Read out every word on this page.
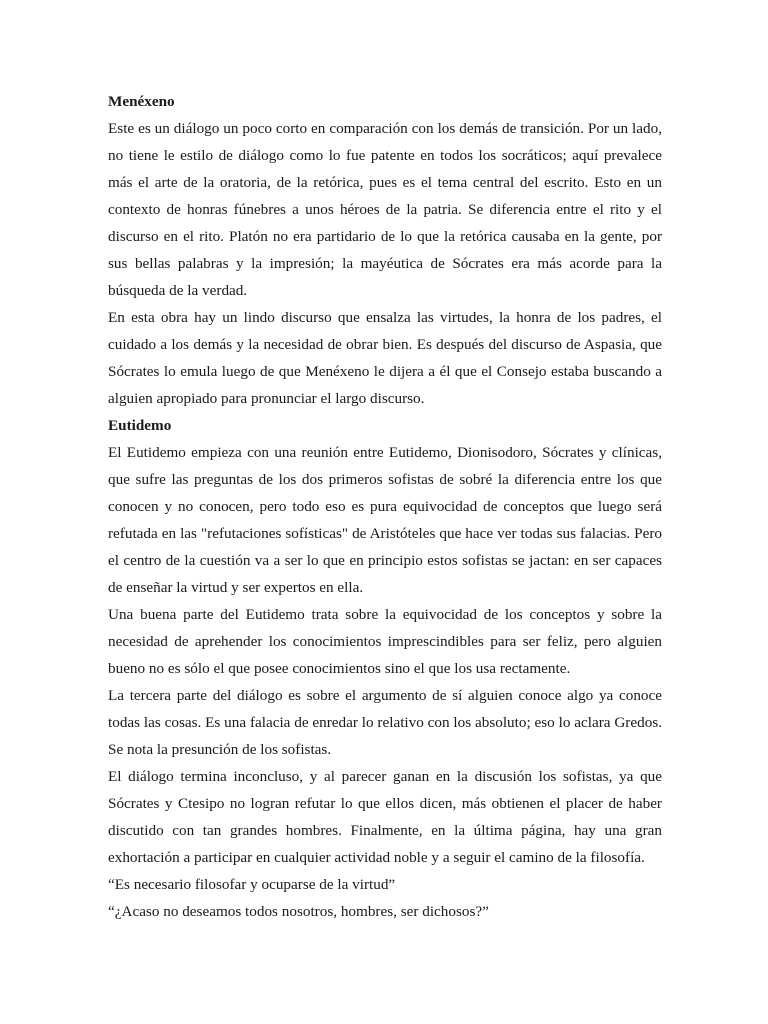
Menéxeno

Este es un diálogo un poco corto en comparación con los demás de transición. Por un lado, no tiene le estilo de diálogo como lo fue patente en todos los socráticos; aquí prevalece más el arte de la oratoria, de la retórica, pues es el tema central del escrito. Esto en un contexto de honras fúnebres a unos héroes de la patria. Se diferencia entre el rito y el discurso en el rito. Platón no era partidario de lo que la retórica causaba en la gente, por sus bellas palabras y la impresión; la mayéutica de Sócrates era más acorde para la búsqueda de la verdad.

En esta obra hay un lindo discurso que ensalza las virtudes, la honra de los padres, el cuidado a los demás y la necesidad de obrar bien. Es después del discurso de Aspasia, que Sócrates lo emula luego de que Menéxeno le dijera a él que el Consejo estaba buscando a alguien apropiado para pronunciar el largo discurso.

Eutidemo

El Eutidemo empieza con una reunión entre Eutidemo, Dionisodoro, Sócrates y clínicas, que sufre las preguntas de los dos primeros sofistas de sobré la diferencia entre los que conocen y no conocen, pero todo eso es pura equivocidad de conceptos que luego será refutada en las "refutaciones sofísticas" de Aristóteles que hace ver todas sus falacias. Pero el centro de la cuestión va a ser lo que en principio estos sofistas se jactan: en ser capaces de enseñar la virtud y ser expertos en ella.

Una buena parte del Eutidemo trata sobre la equivocidad de los conceptos y sobre la necesidad de aprehender los conocimientos imprescindibles para ser feliz, pero alguien bueno no es sólo el que posee conocimientos sino el que los usa rectamente.

La tercera parte del diálogo es sobre el argumento de sí alguien conoce algo ya conoce todas las cosas. Es una falacia de enredar lo relativo con los absoluto; eso lo aclara Gredos. Se nota la presunción de los sofistas.

El diálogo termina inconcluso, y al parecer ganan en la discusión los sofistas, ya que Sócrates y Ctesipo no logran refutar lo que ellos dicen, más obtienen el placer de haber discutido con tan grandes hombres. Finalmente, en la última página, hay una gran exhortación a participar en cualquier actividad noble y a seguir el camino de la filosofía.

“Es necesario filosofar y ocuparse de la virtud”

“¿Acaso no deseamos todos nosotros, hombres, ser dichosos?”
